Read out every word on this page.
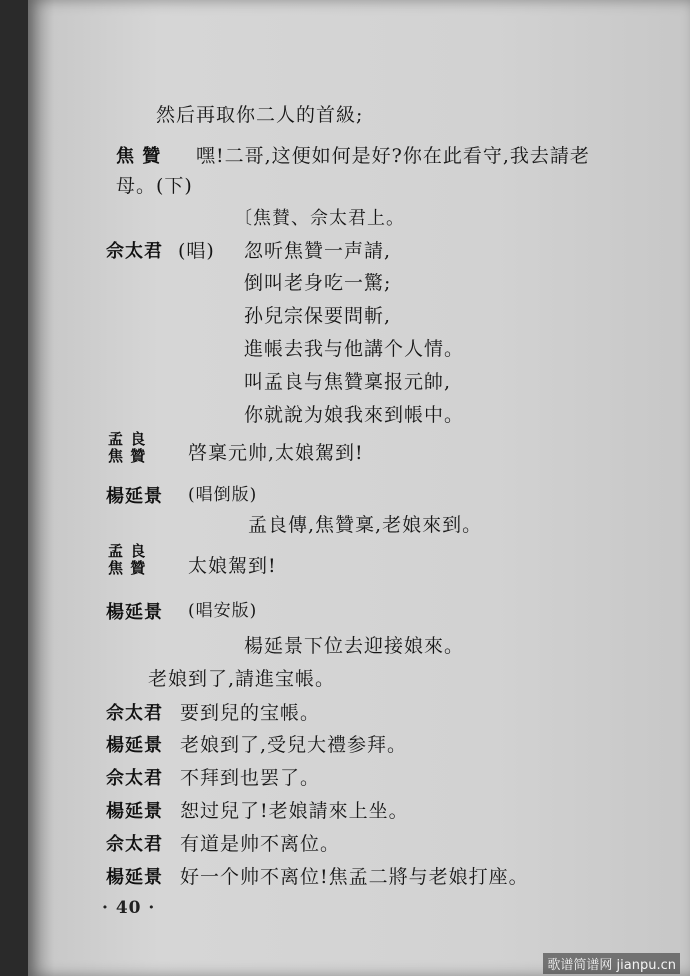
然后再取你二人的首級;
焦 贊 嘿!二哥,这便如何是好?你在此看守,我去請老
母。(下)
〔焦賛、佘太君上。
佘太君 (唱) 忽听焦贊一声請,
倒叫老身吃一驚;
孙兒宗保要問斬,
進帳去我与他講个人情。
叫孟良与焦贊稟报元帥,
你就說为娘我來到帳中。
孟 良
焦 贊 啓稟元帅,太娘駕到!
楊延景 (唱倒版)
孟良傳,焦贊稟,老娘來到。
孟 良
焦 贊 太娘駕到!
楊延景 (唱安版)
楊延景下位去迎接娘來。
老娘到了,請進宝帳。
佘太君 要到兒的宝帳。
楊延景 老娘到了,受兒大禮参拜。
佘太君 不拜到也罢了。
楊延景 恕过兒了!老娘請來上坐。
佘太君 有道是帅不离位。
楊延景 好一个帅不离位!焦孟二將与老娘打座。
· 40 ·
歌谱简谱网 jianpu.cn
